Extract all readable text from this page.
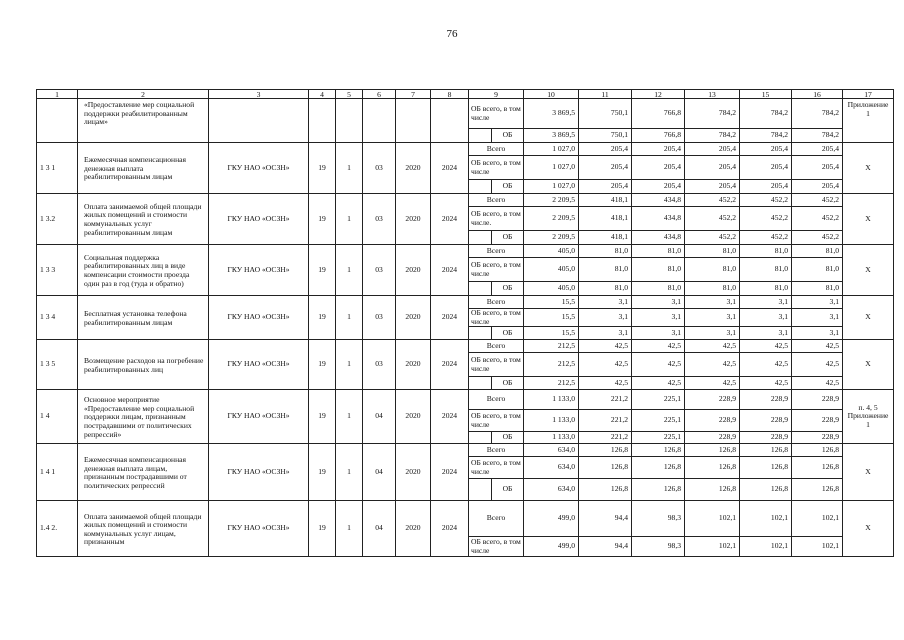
76
1	2	3	4	5	6	7	8	9		10	11	12	13	15	16	17
	«Предоставление мер социальной поддержки реабилитированным лицам»							ОБ всего, в том числе		3 869,5	750,1	766,8	784,2	784,2	784,2	Приложение 1
									ОБ	3 869,5	750,1	766,8	784,2	784,2	784,2	
1 3 1	Ежемесячная компенсационная денежная выплата реабилитированным лицам	ГКУ НАО «ОСЗН»	19	1	03	2020	2024	Всего		1 027,0	205,4	205,4	205,4	205,4	205,4	Х
								ОБ всего, в том числе		1 027,0	205,4	205,4	205,4	205,4	205,4	
									ОБ	1 027,0	205,4	205,4	205,4	205,4	205,4	
1 3.2	Оплата занимаемой общей площади жилых помещений и стоимости коммунальных услуг реабилитированным лицам	ГКУ НАО «ОСЗН»	19	1	03	2020	2024	Всего		2 209,5	418,1	434,8	452,2	452,2	452,2	Х
								ОБ всего, в том числе.		2 209,5	418,1	434,8	452,2	452,2	452,2	
									ОБ	2 209,5	418,1	434,8	452,2	452,2	452,2	
1 3 3	Социальная поддержка реабилитированных лиц в виде компенсации стоимости проезда один раз в год (туда и обратно)	ГКУ НАО «ОСЗН»	19	1	03	2020	2024	Всего		405,0	81,0	81,0	81,0	81,0	81,0	Х
								ОБ всего, в том числе		405,0	81,0	81,0	81,0	81,0	81,0	
									ОБ	405,0	81,0	81,0	81,0	81,0	81,0	
1 3 4	Бесплатная установка телефона реабилитированным лицам	ГКУ НАО «ОСЗН»	19	1	03	2020	2024	Всего		15,5	3,1	3,1	3,1	3,1	3,1	Х
								ОБ всего, в том числе		15,5	3,1	3,1	3,1	3,1	3,1	
									ОБ	15,5	3,1	3,1	3,1	3,1	3,1	
1 3 5	Возмещение расходов на погребение реабилитированных лиц	ГКУ НАО «ОСЗН»	19	1	03	2020	2024	Всего		212,5	42,5	42,5	42,5	42,5	42,5	Х
								ОБ всего, в том числе		212,5	42,5	42,5	42,5	42,5	42,5	
									ОБ	212,5	42,5	42,5	42,5	42,5	42,5	
1 4	Основное мероприятие «Предоставление мер социальной поддержки лицам, признанным пострадавшими от политических репрессий»	ГКУ НАО «ОСЗН»	19	1	04	2020	2024	Всего		1 133,0	221,2	225,1	228,9	228,9	228,9	п. 4, 5 Приложение 1
								ОБ всего, в том числе		1 133,0	221,2	225,1	228,9	228,9	228,9	
									ОБ	1 133,0	221,2	225,1	228,9	228,9	228,9	
1 4 1	Ежемесячная компенсационная денежная выплата лицам, признанным пострадавшими от политических репрессий	ГКУ НАО «ОСЗН»	19	1	04	2020	2024	Всего		634,0	126,8	126,8	126,8	126,8	126,8	Х
								ОБ всего, в том числе		634,0	126,8	126,8	126,8	126,8	126,8	
									ОБ	634,0	126,8	126,8	126,8	126,8	126,8	
1.4 2.	Оплата занимаемой общей площади жилых помещений и стоимости коммунальных услуг лицам, признанным	ГКУ НАО «ОСЗН»	19	1	04	2020	2024	Всего		499,0	94,4	98,3	102,1	102,1	102,1	Х
								ОБ всего, в том числе		499,0	94,4	98,3	102,1	102,1	102,1	
